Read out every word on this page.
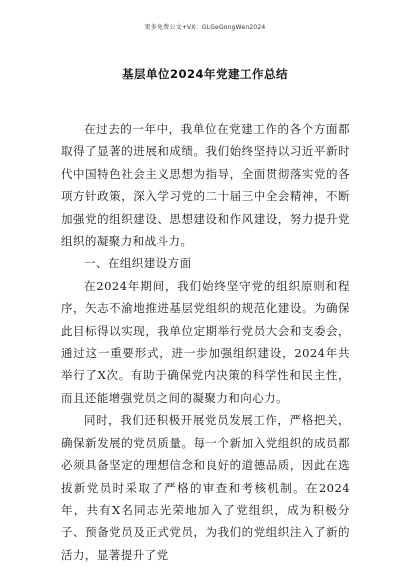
更多免费公文+VX：GLGeGongWen2024
基层单位2024年党建工作总结

在过去的一年中，我单位在党建工作的各个方面都取得了显著的进展和成绩。我们始终坚持以习近平新时代中国特色社会主义思想为指导，全面贯彻落实党的各项方针政策，深入学习党的二十届三中全会精神，不断加强党的组织建设、思想建设和作风建设，努力提升党组织的凝聚力和战斗力。

一、在组织建设方面

在2024年期间，我们始终坚守党的组织原则和程序，矢志不渝地推进基层党组织的规范化建设。为确保此目标得以实现，我单位定期举行党员大会和支委会，通过这一重要形式，进一步加强组织建设，2024年共举行了X次。有助于确保党内决策的科学性和民主性，而且还能增强党员之间的凝聚力和向心力。

同时，我们还积极开展党员发展工作，严格把关，确保新发展的党员质量。每一个新加入党组织的成员都必须具备坚定的理想信念和良好的道德品质，因此在选拔新党员时采取了严格的审查和考核机制。在2024年，共有X名同志光荣地加入了党组织，成为积极分子、预备党员及正式党员，为我们的党组织注入了新的活力，显著提升了党
